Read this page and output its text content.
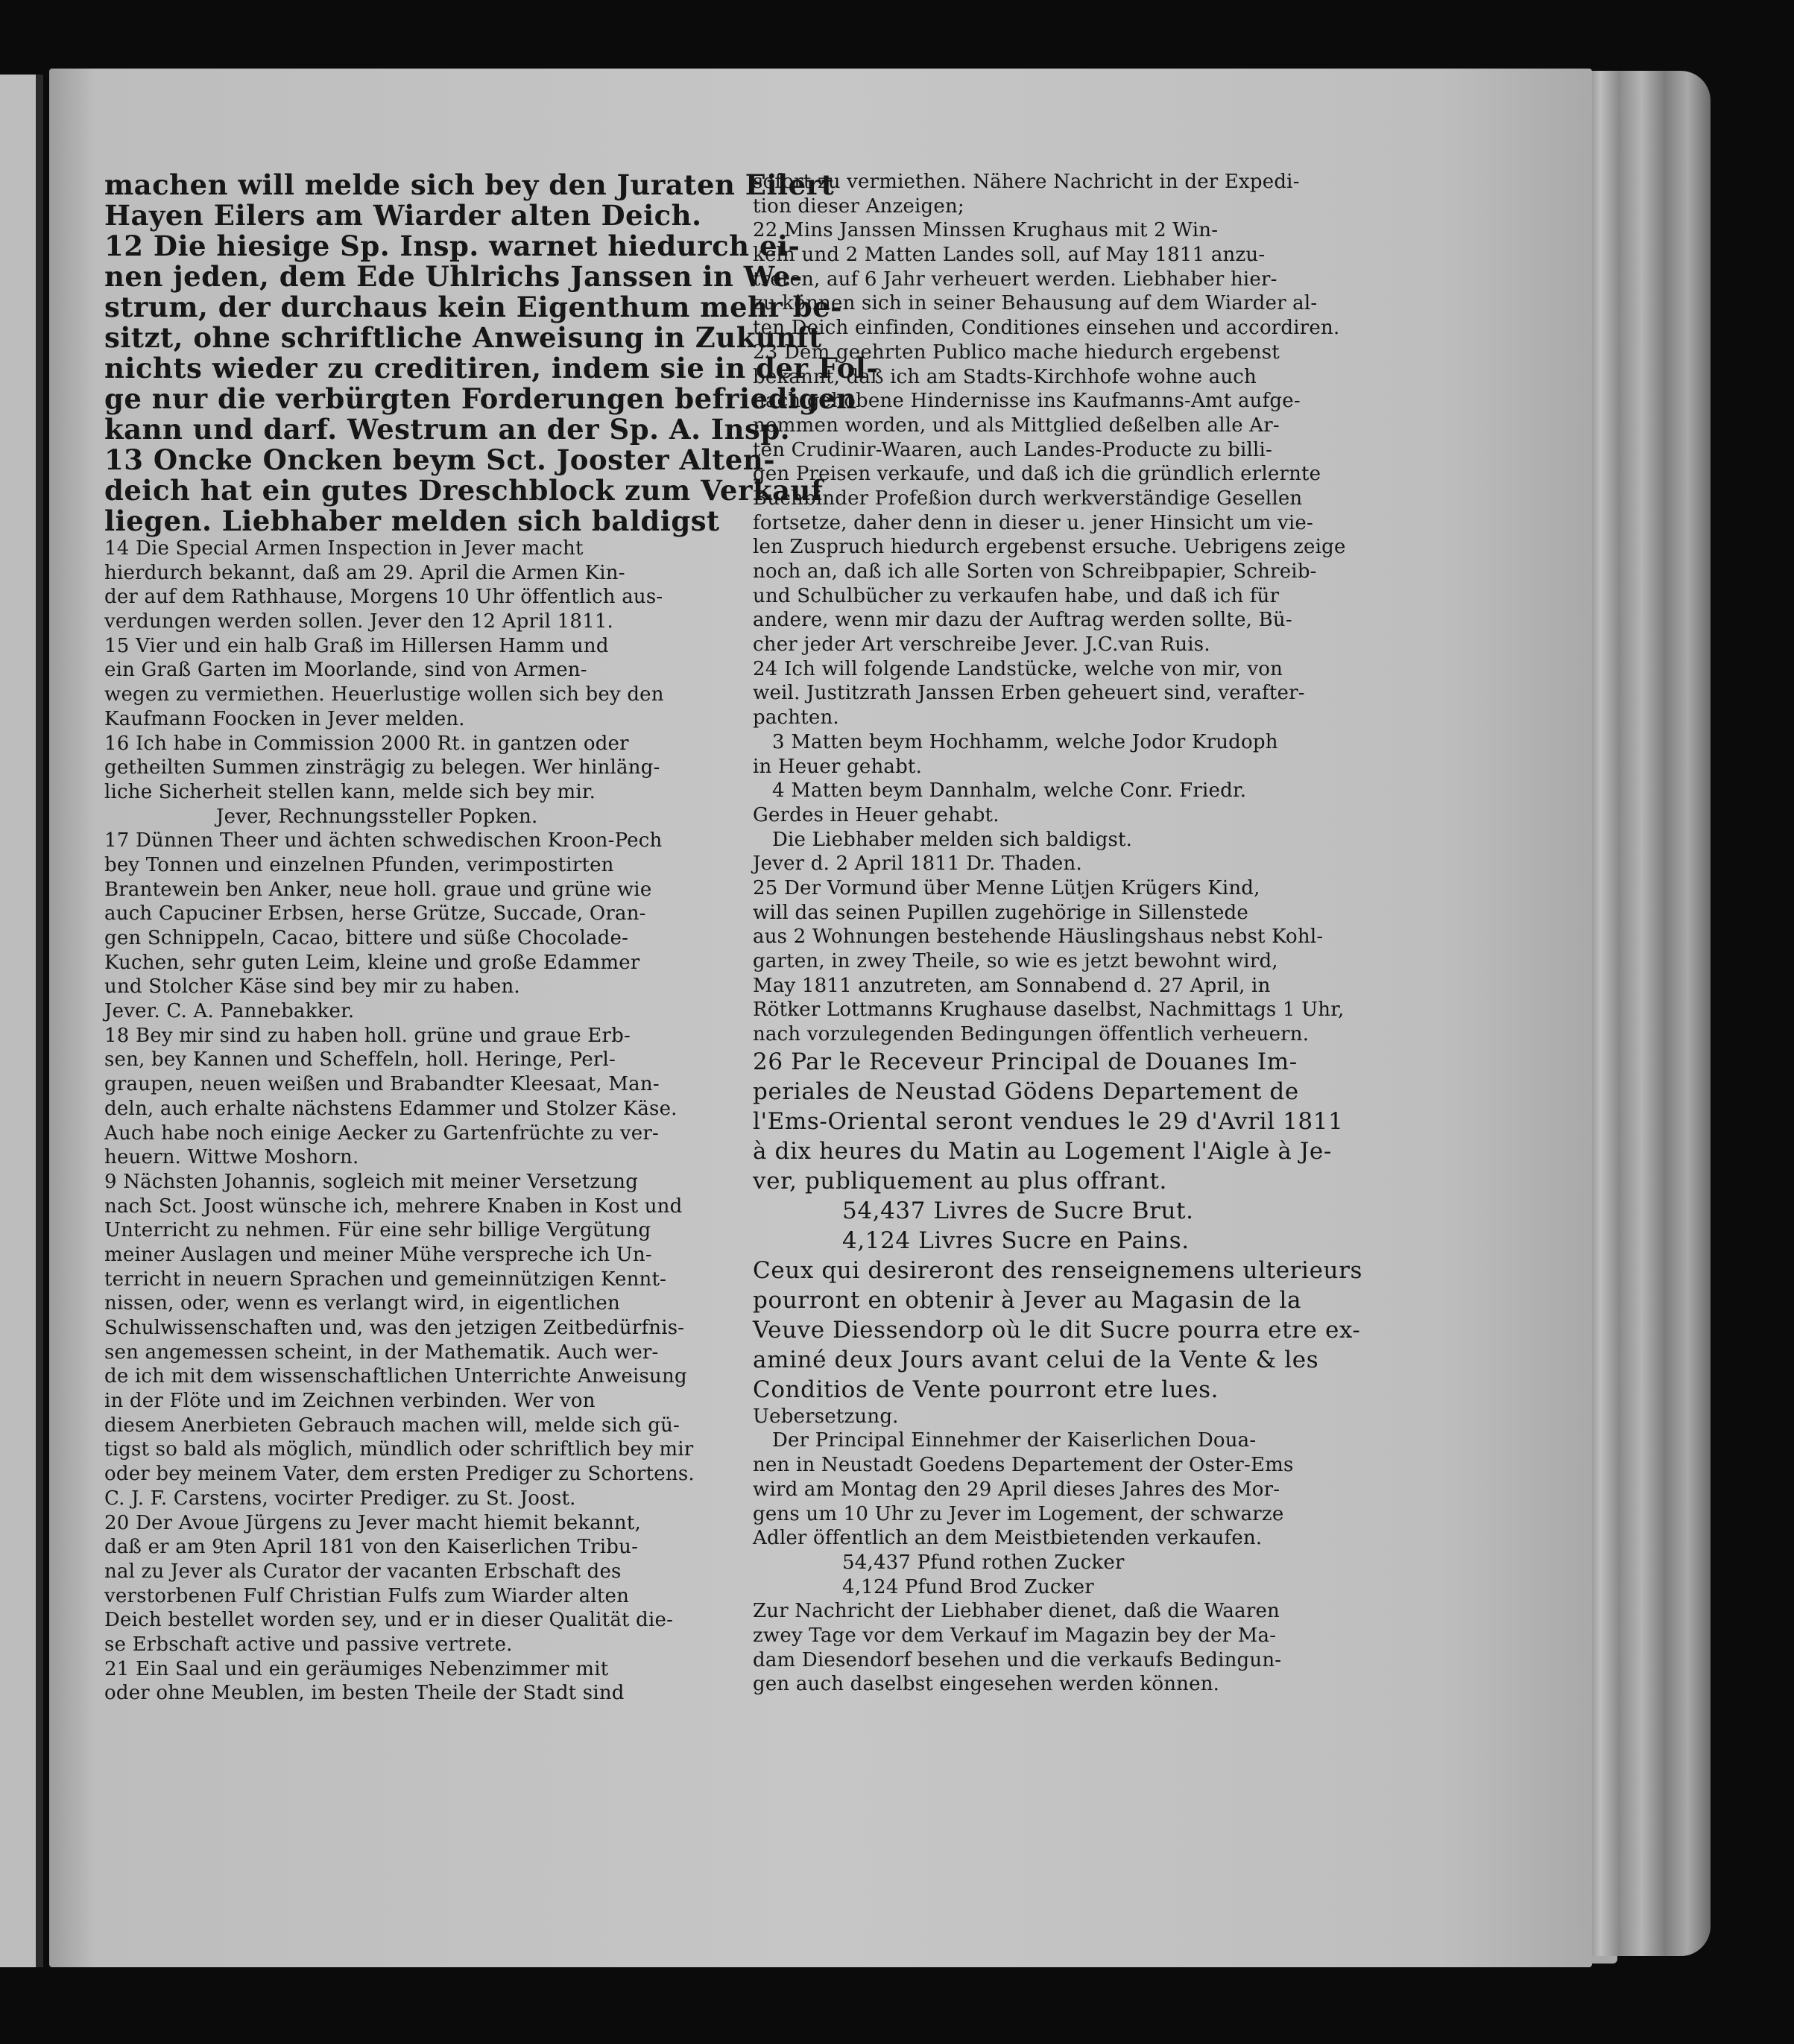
machen will melde sich bey den Juraten Eilert
Hayen Eilers am Wiarder alten Deich.
12 Die hiesige Sp. Insp. warnet hiedurch ei-
nen jeden, dem Ede Uhlrichs Janssen in We-
strum, der durchaus kein Eigenthum mehr be-
sitzt, ohne schriftliche Anweisung in Zukunft
nichts wieder zu creditiren, indem sie in der Fol-
ge nur die verbürgten Forderungen befriedigen
kann und darf. Westrum an der Sp. A. Insp.
13 Oncke Oncken beym Sct. Jooster Alten-
deich hat ein gutes Dreschblock zum Verkauf
liegen. Liebhaber melden sich baldigst
14 Die Special Armen Inspection in Jever macht
hierdurch bekannt, daß am 29. April die Armen Kin-
der auf dem Rathhause, Morgens 10 Uhr öffentlich aus-
verdungen werden sollen. Jever den 12 April 1811.
15 Vier und ein halb Graß im Hillersen Hamm und
ein Graß Garten im Moorlande, sind von Armen-
wegen zu vermiethen. Heuerlustige wollen sich bey den
Kaufmann Foocken in Jever melden.
16 Ich habe in Commission 2000 Rt. in gantzen oder
getheilten Summen zinsträgig zu belegen. Wer hinläng-
liche Sicherheit stellen kann, melde sich bey mir.
Jever, Rechnungssteller Popken.
17 Dünnen Theer und ächten schwedischen Kroon-Pech
bey Tonnen und einzelnen Pfunden, verimpostirten
Brantewein ben Anker, neue holl. graue und grüne wie
auch Capuciner Erbsen, herse Grütze, Succade, Oran-
gen Schnippeln, Cacao, bittere und süße Chocolade-
Kuchen, sehr guten Leim, kleine und große Edammer
und Stolcher Käse sind bey mir zu haben.
Jever. C. A. Pannebakker.
18 Bey mir sind zu haben holl. grüne und graue Erb-
sen, bey Kannen und Scheffeln, holl. Heringe, Perl-
graupen, neuen weißen und Brabandter Kleesaat, Man-
deln, auch erhalte nächstens Edammer und Stolzer Käse.
Auch habe noch einige Aecker zu Gartenfrüchte zu ver-
heuern. Wittwe Moshorn.
9 Nächsten Johannis, sogleich mit meiner Versetzung
nach Sct. Joost wünsche ich, mehrere Knaben in Kost und
Unterricht zu nehmen. Für eine sehr billige Vergütung
meiner Auslagen und meiner Mühe verspreche ich Un-
terricht in neuern Sprachen und gemeinnützigen Kennt-
nissen, oder, wenn es verlangt wird, in eigentlichen
Schulwissenschaften und, was den jetzigen Zeitbedürfnis-
sen angemessen scheint, in der Mathematik. Auch wer-
de ich mit dem wissenschaftlichen Unterrichte Anweisung
in der Flöte und im Zeichnen verbinden. Wer von
diesem Anerbieten Gebrauch machen will, melde sich gü-
tigst so bald als möglich, mündlich oder schriftlich bey mir
oder bey meinem Vater, dem ersten Prediger zu Schortens.
C. J. F. Carstens, vocirter Prediger. zu St. Joost.
20 Der Avoue Jürgens zu Jever macht hiemit bekannt,
daß er am 9ten April 181 von den Kaiserlichen Tribu-
nal zu Jever als Curator der vacanten Erbschaft des
verstorbenen Fulf Christian Fulfs zum Wiarder alten
Deich bestellet worden sey, und er in dieser Qualität die-
se Erbschaft active und passive vertrete.
21 Ein Saal und ein geräumiges Nebenzimmer mit
oder ohne Meublen, im besten Theile der Stadt sind
sofort zu vermiethen. Nähere Nachricht in der Expedi-
tion dieser Anzeigen;
22 Mins Janssen Minssen Krughaus mit 2 Win-
keln und 2 Matten Landes soll, auf May 1811 anzu-
treten, auf 6 Jahr verheuert werden. Liebhaber hier-
zu können sich in seiner Behausung auf dem Wiarder al-
ten Deich einfinden, Conditiones einsehen und accordiren.
23 Dem geehrten Publico mache hiedurch ergebenst
bekannt, daß ich am Stadts-Kirchhofe wohne auch
nach gehobene Hindernisse ins Kaufmanns-Amt aufge-
nommen worden, und als Mittglied deßelben alle Ar-
ten Crudinir-Waaren, auch Landes-Producte zu billi-
gen Preisen verkaufe, und daß ich die gründlich erlernte
Buchbinder Profeßion durch werkverständige Gesellen
fortsetze, daher denn in dieser u. jener Hinsicht um vie-
len Zuspruch hiedurch ergebenst ersuche. Uebrigens zeige
noch an, daß ich alle Sorten von Schreibpapier, Schreib-
und Schulbücher zu verkaufen habe, und daß ich für
andere, wenn mir dazu der Auftrag werden sollte, Bü-
cher jeder Art verschreibe Jever. J.C.van Ruis.
24 Ich will folgende Landstücke, welche von mir, von
weil. Justitzrath Janssen Erben geheuert sind, verafter-
pachten.
3 Matten beym Hochhamm, welche Jodor Krudoph
in Heuer gehabt.
4 Matten beym Dannhalm, welche Conr. Friedr.
Gerdes in Heuer gehabt.
Die Liebhaber melden sich baldigst.
Jever d. 2 April 1811 Dr. Thaden.
25 Der Vormund über Menne Lütjen Krügers Kind,
will das seinen Pupillen zugehörige in Sillenstede
aus 2 Wohnungen bestehende Häuslingshaus nebst Kohl-
garten, in zwey Theile, so wie es jetzt bewohnt wird,
May 1811 anzutreten, am Sonnabend d. 27 April, in
Rötker Lottmanns Krughause daselbst, Nachmittags 1 Uhr,
nach vorzulegenden Bedingungen öffentlich verheuern.
26 Par le Receveur Principal de Douanes Im-
periales de Neustad Gödens Departement de
l'Ems-Oriental seront vendues le 29 d'Avril 1811
à dix heures du Matin au Logement l'Aigle à Je-
ver, publiquement au plus offrant.
54,437 Livres de Sucre Brut.
4,124 Livres Sucre en Pains.
Ceux qui desireront des renseignemens ulterieurs
pourront en obtenir à Jever au Magasin de la
Veuve Diessendorp où le dit Sucre pourra etre ex-
aminé deux Jours avant celui de la Vente & les
Conditios de Vente pourront etre lues.
Uebersetzung.
Der Principal Einnehmer der Kaiserlichen Doua-
nen in Neustadt Goedens Departement der Oster-Ems
wird am Montag den 29 April dieses Jahres des Mor-
gens um 10 Uhr zu Jever im Logement, der schwarze
Adler öffentlich an dem Meistbietenden verkaufen.
54,437 Pfund rothen Zucker
4,124 Pfund Brod Zucker
Zur Nachricht der Liebhaber dienet, daß die Waaren
zwey Tage vor dem Verkauf im Magazin bey der Ma-
dam Diesendorf besehen und die verkaufs Bedingun-
gen auch daselbst eingesehen werden können.
